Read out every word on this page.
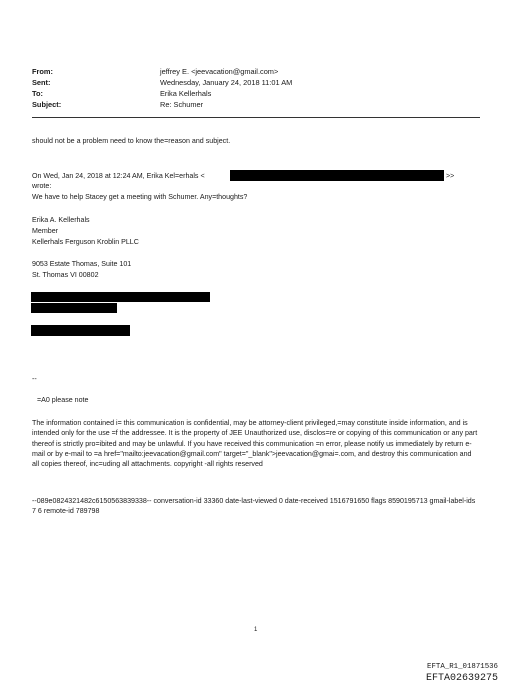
From:	jeffrey E. <jeevacation@gmail.com>
Sent:	Wednesday, January 24, 2018 11:01 AM
To:	Erika Kellerhals
Subject:	Re: Schumer
should not be a problem need to know the=reason and subject.
On Wed, Jan 24, 2018 at 12:24 AM, Erika Kel=erhals <	>>
wrote:
We have to help Stacey get a meeting with Schumer. Any=thoughts?
Erika A. Kellerhals
Member
Kellerhals Ferguson Kroblin PLLC
9053 Estate Thomas, Suite 101
St. Thomas VI 00802
--
=A0 please note
The information contained i= this communication is confidential, may be attorney-client privileged,=may constitute inside information, and is intended only for the use =f the addressee. It is the property of JEE Unauthorized use, disclos=re or copying of this communication or any part thereof is strictly pro=ibited and may be unlawful. If you have received this communication =n error, please notify us immediately by return e-mail or by e-mail to =a href="mailto:jeevacation@gmail.com" target="_blank">jeevacation@gmai=.com, and destroy this communication and all copies thereof, inc=uding all attachments. copyright -all rights reserved
--089e0824321482c6150563839338-- conversation-id 33360 date-last-viewed 0 date-received 1516791650 flags 8590195713 gmail-label-ids 7 6 remote-id 789798
1
EFTA_R1_01871536
EFTA02639275
